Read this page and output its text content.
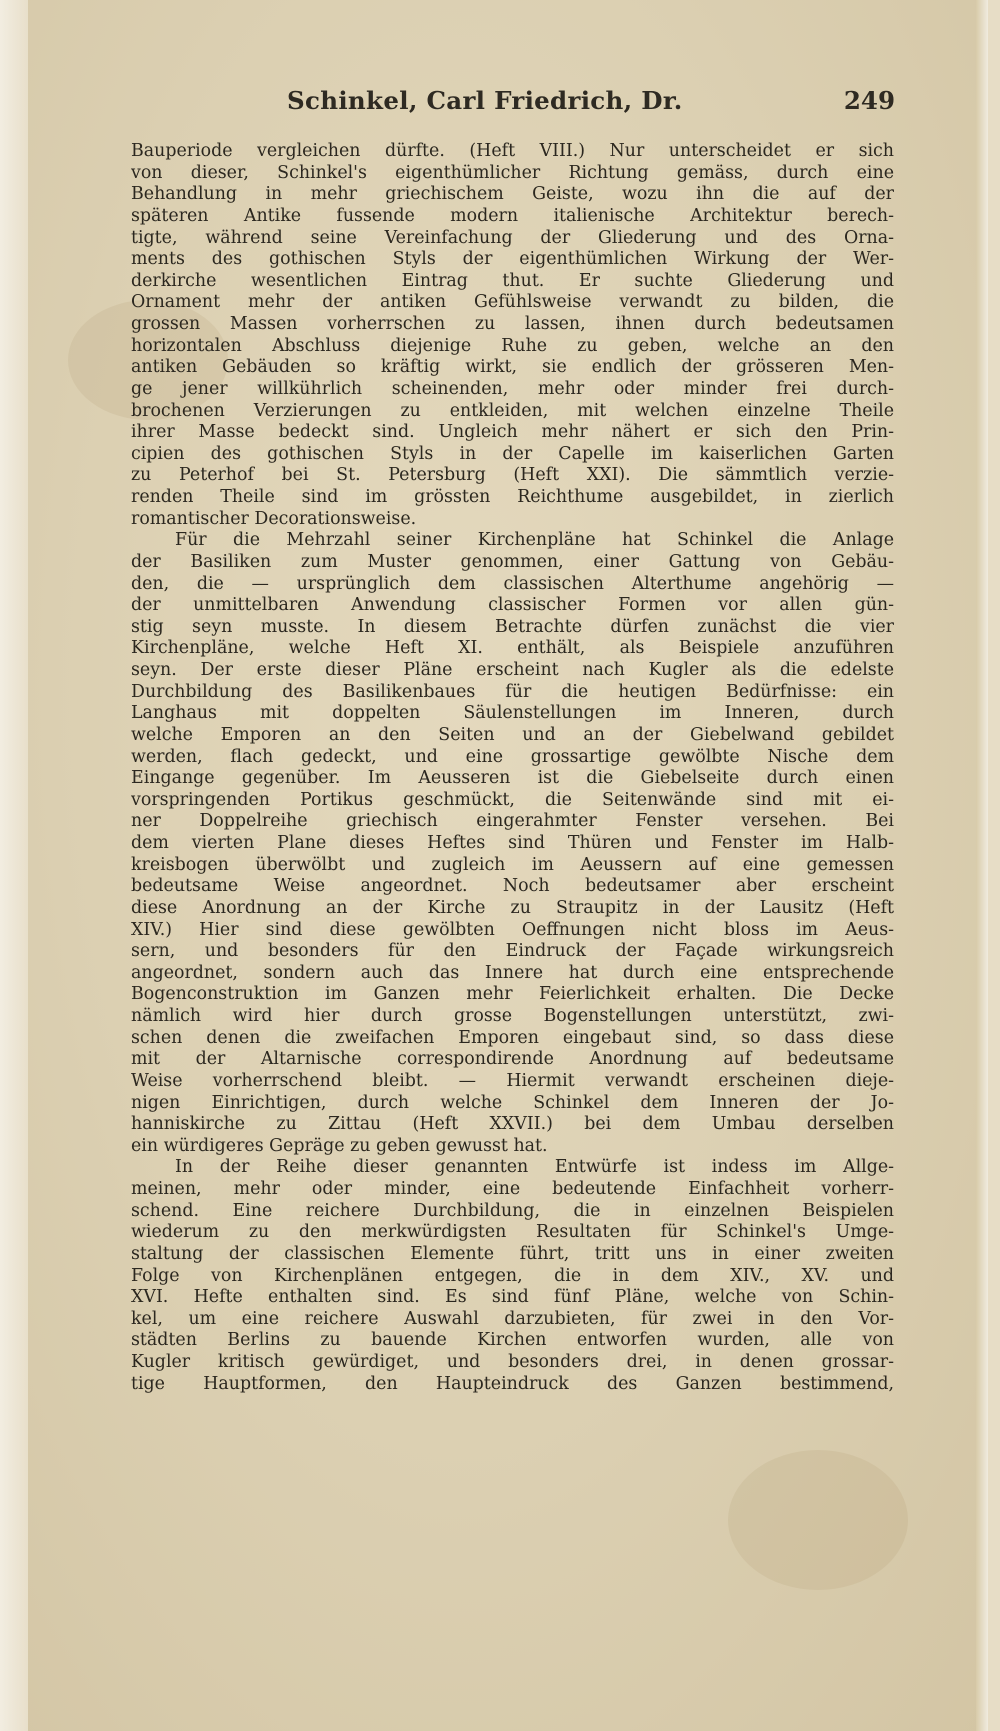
Schinkel, Carl Friedrich, Dr.	249
Bauperiode vergleichen dürfte. (Heft VIII.) Nur unterscheidet er sich
von dieser, Schinkel's eigenthümlicher Richtung gemäss, durch eine
Behandlung in mehr griechischem Geiste, wozu ihn die auf der
späteren Antike fussende modern italienische Architektur berech-
tigte, während seine Vereinfachung der Gliederung und des Orna-
ments des gothischen Styls der eigenthümlichen Wirkung der Wer-
derkirche wesentlichen Eintrag thut. Er suchte Gliederung und
Ornament mehr der antiken Gefühlsweise verwandt zu bilden, die
grossen Massen vorherrschen zu lassen, ihnen durch bedeutsamen
horizontalen Abschluss diejenige Ruhe zu geben, welche an den
antiken Gebäuden so kräftig wirkt, sie endlich der grösseren Men-
ge jener willkührlich scheinenden, mehr oder minder frei durch-
brochenen Verzierungen zu entkleiden, mit welchen einzelne Theile
ihrer Masse bedeckt sind. Ungleich mehr nähert er sich den Prin-
cipien des gothischen Styls in der Capelle im kaiserlichen Garten
zu Peterhof bei St. Petersburg (Heft XXI). Die sämmtlich verzie-
renden Theile sind im grössten Reichthume ausgebildet, in zierlich
romantischer Decorationsweise.
Für die Mehrzahl seiner Kirchenpläne hat Schinkel die Anlage
der Basiliken zum Muster genommen, einer Gattung von Gebäu-
den, die — ursprünglich dem classischen Alterthume angehörig —
der unmittelbaren Anwendung classischer Formen vor allen gün-
stig seyn musste. In diesem Betrachte dürfen zunächst die vier
Kirchenpläne, welche Heft XI. enthält, als Beispiele anzuführen
seyn. Der erste dieser Pläne erscheint nach Kugler als die edelste
Durchbildung des Basilikenbaues für die heutigen Bedürfnisse: ein
Langhaus mit doppelten Säulenstellungen im Inneren, durch
welche Emporen an den Seiten und an der Giebelwand gebildet
werden, flach gedeckt, und eine grossartige gewölbte Nische dem
Eingange gegenüber. Im Aeusseren ist die Giebelseite durch einen
vorspringenden Portikus geschmückt, die Seitenwände sind mit ei-
ner Doppelreihe griechisch eingerahmter Fenster versehen. Bei
dem vierten Plane dieses Heftes sind Thüren und Fenster im Halb-
kreisbogen überwölbt und zugleich im Aeussern auf eine gemessen
bedeutsame Weise angeordnet. Noch bedeutsamer aber erscheint
diese Anordnung an der Kirche zu Straupitz in der Lausitz (Heft
XIV.) Hier sind diese gewölbten Oeffnungen nicht bloss im Aeus-
sern, und besonders für den Eindruck der Façade wirkungsreich
angeordnet, sondern auch das Innere hat durch eine entsprechende
Bogenconstruktion im Ganzen mehr Feierlichkeit erhalten. Die Decke
nämlich wird hier durch grosse Bogenstellungen unterstützt, zwi-
schen denen die zweifachen Emporen eingebaut sind, so dass diese
mit der Altarnische correspondirende Anordnung auf bedeutsame
Weise vorherrschend bleibt. — Hiermit verwandt erscheinen dieje-
nigen Einrichtigen, durch welche Schinkel dem Inneren der Jo-
hanniskirche zu Zittau (Heft XXVII.) bei dem Umbau derselben
ein würdigeres Gepräge zu geben gewusst hat.
In der Reihe dieser genannten Entwürfe ist indess im Allge-
meinen, mehr oder minder, eine bedeutende Einfachheit vorherr-
schend. Eine reichere Durchbildung, die in einzelnen Beispielen
wiederum zu den merkwürdigsten Resultaten für Schinkel's Umge-
staltung der classischen Elemente führt, tritt uns in einer zweiten
Folge von Kirchenplänen entgegen, die in dem XIV., XV. und
XVI. Hefte enthalten sind. Es sind fünf Pläne, welche von Schin-
kel, um eine reichere Auswahl darzubieten, für zwei in den Vor-
städten Berlins zu bauende Kirchen entworfen wurden, alle von
Kugler kritisch gewürdiget, und besonders drei, in denen grossar-
tige Hauptformen, den Haupteindruck des Ganzen bestimmend,
